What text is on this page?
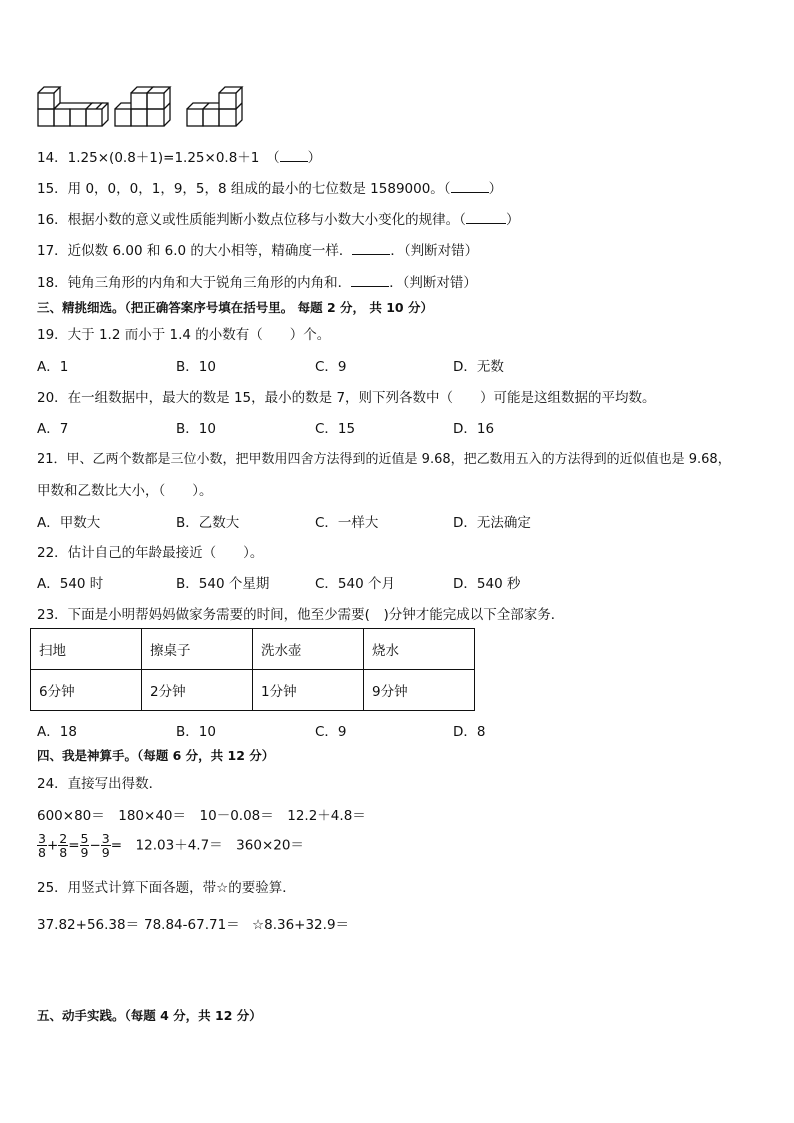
14．1.25×(0.8＋1)=1.25×0.8＋1　（ ）
15．用 0，0，0，1，9，5，8 组成的最小的七位数是 1589000。（	）
16．根据小数的意义或性质能判断小数点位移与小数大小变化的规律。（	）
17．近似数 6.00 和 6.0 的大小相等，精确度一样．	．（判断对错）
18．钝角三角形的内角和大于锐角三角形的内角和．	．（判断对错）
三、精挑细选。（把正确答案序号填在括号里。 每题 2 分， 共 10 分）
19．大于 1.2 而小于 1.4 的小数有（　　）个。
A．1	B．10	C．9	D．无数
20．在一组数据中，最大的数是 15，最小的数是 7，则下列各数中（　　）可能是这组数据的平均数。
A．7	B．10	C．15	D．16
21．甲、乙两个数都是三位小数，把甲数用四舍方法得到的近值是 9.68，把乙数用五入的方法得到的近似值也是 9.68，
甲数和乙数比大小，（　　）。
A．甲数大	B．乙数大	C．一样大	D．无法确定
22．估计自己的年龄最接近（　　）。
A．540 时	B．540 个星期	C．540 个月	D．540 秒
23．下面是小明帮妈妈做家务需要的时间，他至少需要(　)分钟才能完成以下全部家务．
扫地	擦桌子	洗水壶	烧水
6分钟	2分钟	1分钟	9分钟
A．18	B．10	C．9	D．8
四、我是神算手。（每题 6 分，共 12 分）
24．直接写出得数．
600×80＝　180×40＝　10－0.08＝　12.2＋4.8＝
$\frac{3}{8} + \frac{2}{8} = \frac{5}{9} - \frac{3}{9}$ =　12.03＋4.7＝　360×20＝
25．用竖式计算下面各题，带☆的要验算．
37.82+56.38＝ 78.84-67.71＝ ☆8.36+32.9＝
五、动手实践。（每题 4 分，共 12 分）
